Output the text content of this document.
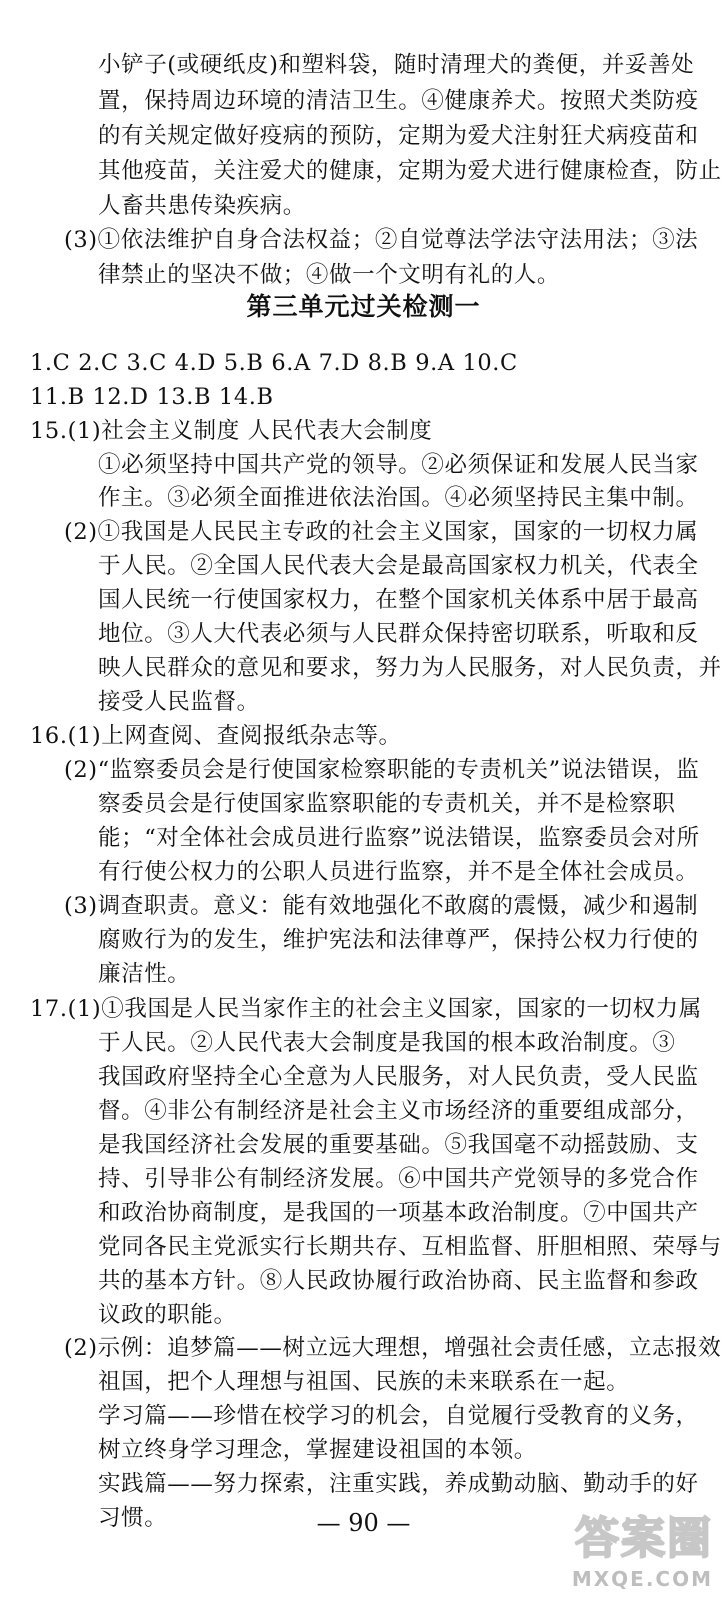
小铲子(或硬纸皮)和塑料袋，随时清理犬的粪便，并妥善处
置，保持周边环境的清洁卫生。④健康养犬。按照犬类防疫
的有关规定做好疫病的预防，定期为爱犬注射狂犬病疫苗和
其他疫苗，关注爱犬的健康，定期为爱犬进行健康检查，防止
人畜共患传染疾病。
(3)①依法维护自身合法权益；②自觉尊法学法守法用法；③法
律禁止的坚决不做；④做一个文明有礼的人。
第三单元过关检测一
1.C 2.C 3.C 4.D 5.B 6.A 7.D 8.B 9.A 10.C
11.B 12.D 13.B 14.B
15.(1)社会主义制度 人民代表大会制度
①必须坚持中国共产党的领导。②必须保证和发展人民当家
作主。③必须全面推进依法治国。④必须坚持民主集中制。
(2)①我国是人民民主专政的社会主义国家，国家的一切权力属
于人民。②全国人民代表大会是最高国家权力机关，代表全
国人民统一行使国家权力，在整个国家机关体系中居于最高
地位。③人大代表必须与人民群众保持密切联系，听取和反
映人民群众的意见和要求，努力为人民服务，对人民负责，并
接受人民监督。
16.(1)上网查阅、查阅报纸杂志等。
(2)“监察委员会是行使国家检察职能的专责机关”说法错误，监
察委员会是行使国家监察职能的专责机关，并不是检察职
能；“对全体社会成员进行监察”说法错误，监察委员会对所
有行使公权力的公职人员进行监察，并不是全体社会成员。
(3)调查职责。意义：能有效地强化不敢腐的震慑，减少和遏制
腐败行为的发生，维护宪法和法律尊严，保持公权力行使的
廉洁性。
17.(1)①我国是人民当家作主的社会主义国家，国家的一切权力属
于人民。②人民代表大会制度是我国的根本政治制度。③
我国政府坚持全心全意为人民服务，对人民负责，受人民监
督。④非公有制经济是社会主义市场经济的重要组成部分，
是我国经济社会发展的重要基础。⑤我国毫不动摇鼓励、支
持、引导非公有制经济发展。⑥中国共产党领导的多党合作
和政治协商制度，是我国的一项基本政治制度。⑦中国共产
党同各民主党派实行长期共存、互相监督、肝胆相照、荣辱与
共的基本方针。⑧人民政协履行政治协商、民主监督和参政
议政的职能。
(2)示例：追梦篇——树立远大理想，增强社会责任感，立志报效
祖国，把个人理想与祖国、民族的未来联系在一起。
学习篇——珍惜在校学习的机会，自觉履行受教育的义务，
树立终身学习理念，掌握建设祖国的本领。
实践篇——努力探索，注重实践，养成勤动脑、勤动手的好
习惯。	— 90 —	答案圈
MXQE.COM
